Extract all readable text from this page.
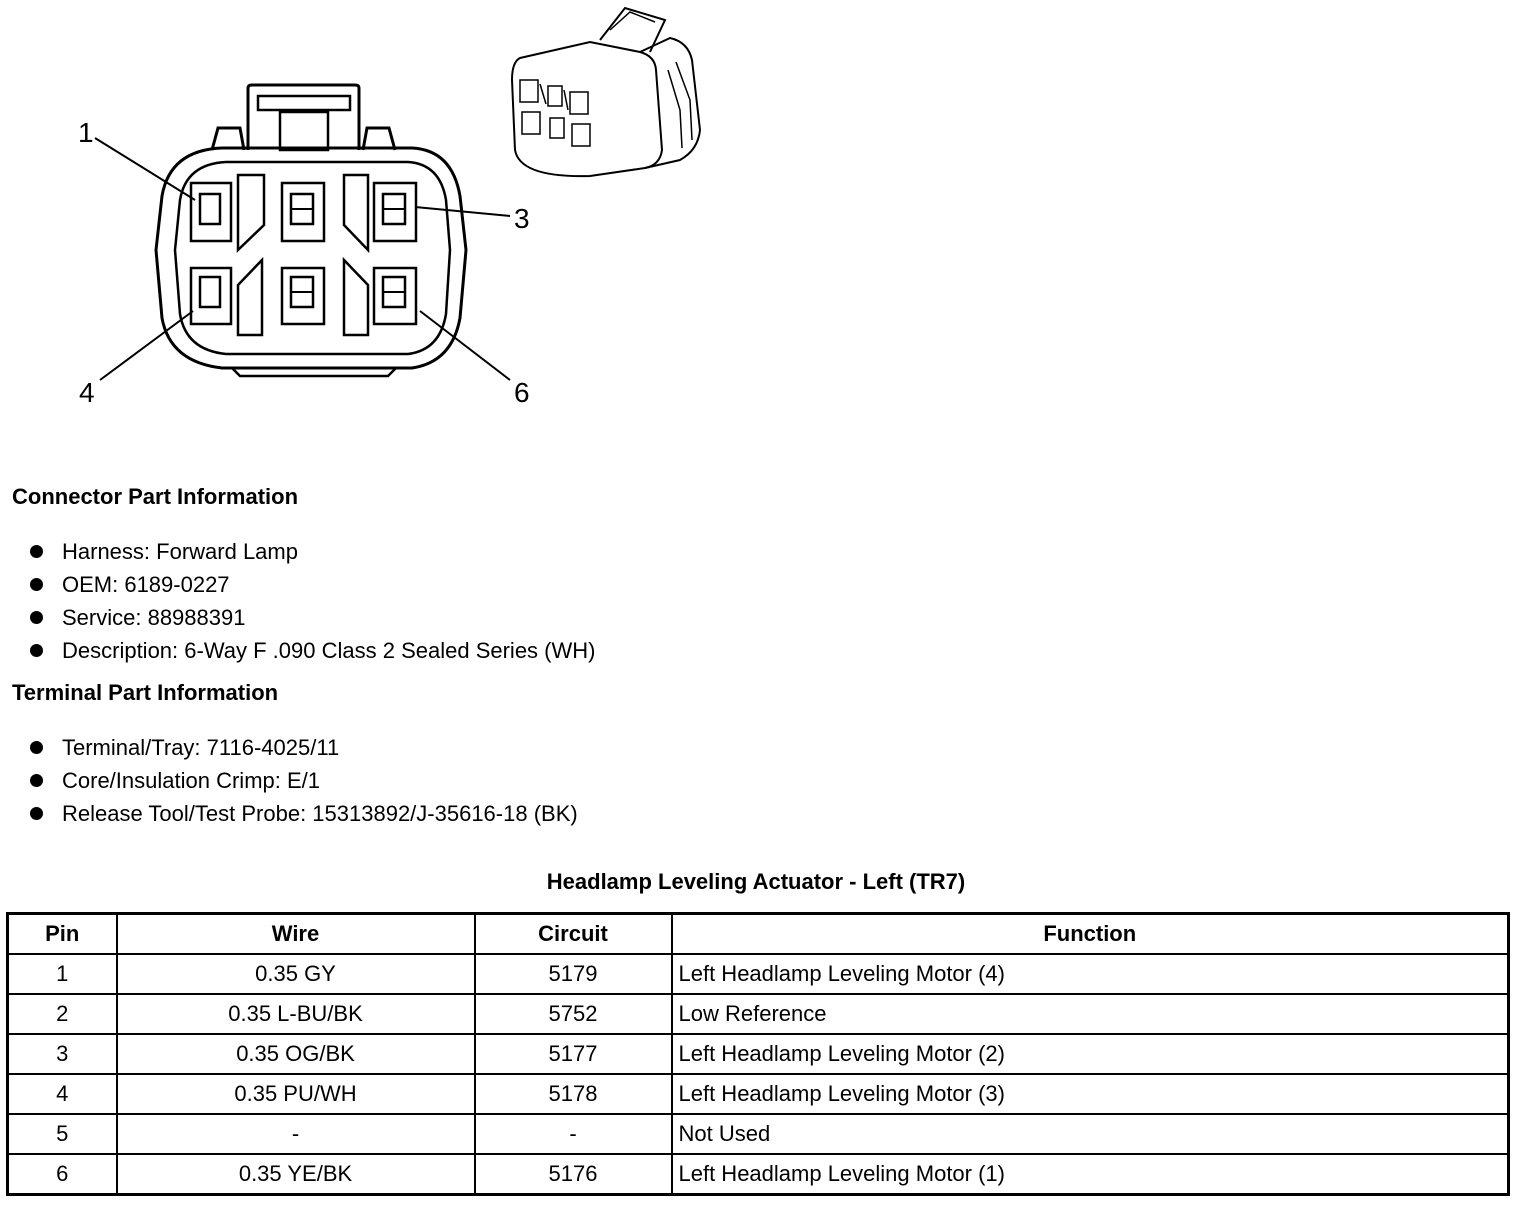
1
3
4	6
Connector Part Information
Harness: Forward Lamp
OEM: 6189-0227
Service: 88988391
Description: 6-Way F .090 Class 2 Sealed Series (WH)
Terminal Part Information
Terminal/Tray: 7116-4025/11
Core/Insulation Crimp: E/1
Release Tool/Test Probe: 15313892/J-35616-18 (BK)
Headlamp Leveling Actuator - Left (TR7)
Pin	Wire	Circuit	Function
1	0.35 GY	5179	Left Headlamp Leveling Motor (4)
2	0.35 L-BU/BK	5752	Low Reference
3	0.35 OG/BK	5177	Left Headlamp Leveling Motor (2)
4	0.35 PU/WH	5178	Left Headlamp Leveling Motor (3)
5	-	-	Not Used
6	0.35 YE/BK	5176	Left Headlamp Leveling Motor (1)
